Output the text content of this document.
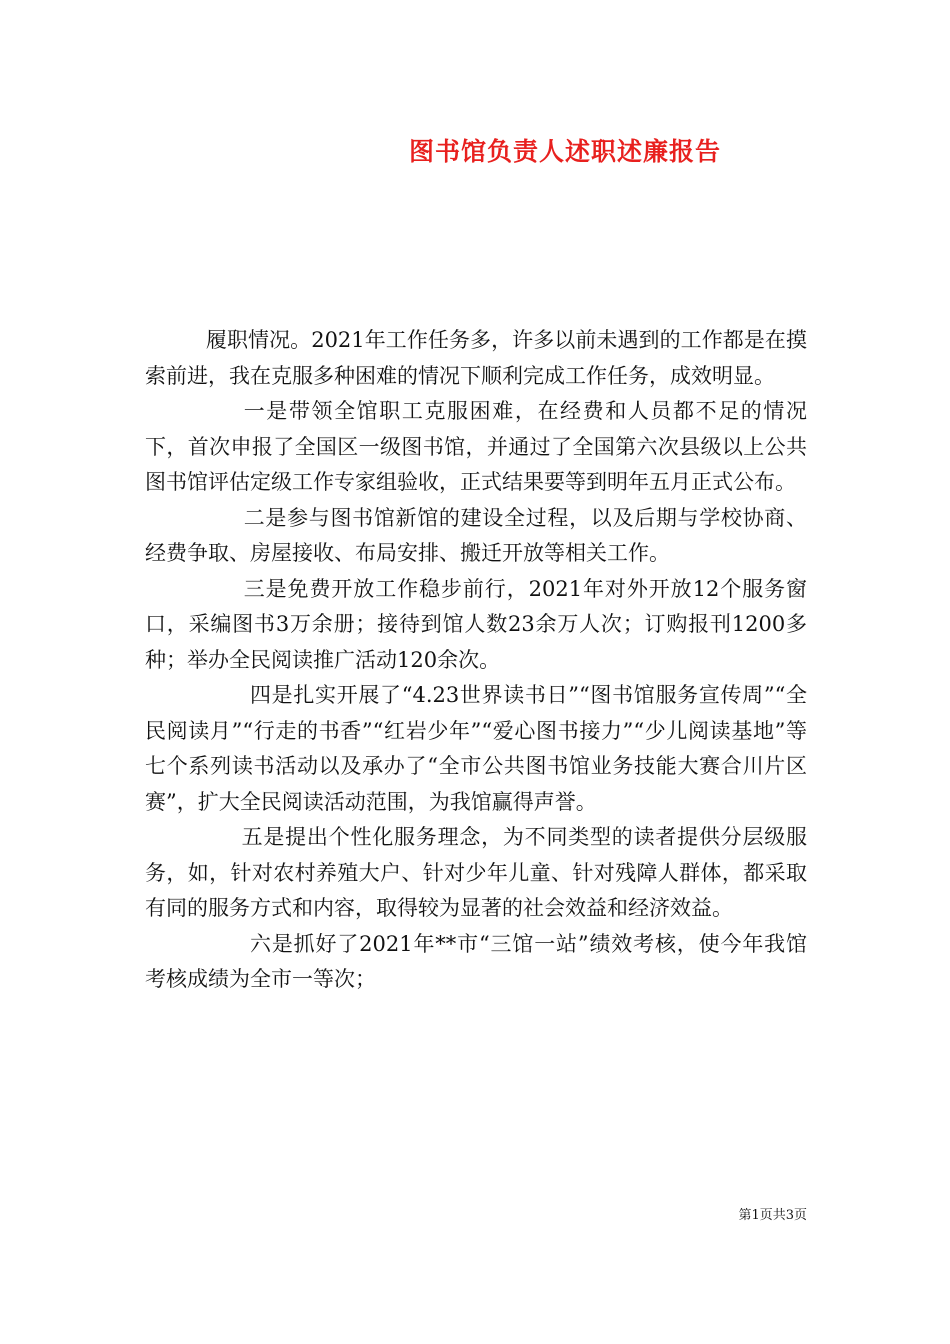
图书馆负责人述职述廉报告

履职情况。2021年工作任务多，许多以前未遇到的工作都是在摸索前进，我在克服多种困难的情况下顺利完成工作任务，成效明显。

一是带领全馆职工克服困难，在经费和人员都不足的情况下，首次申报了全国区一级图书馆，并通过了全国第六次县级以上公共图书馆评估定级工作专家组验收，正式结果要等到明年五月正式公布。

二是参与图书馆新馆的建设全过程，以及后期与学校协商、经费争取、房屋接收、布局安排、搬迁开放等相关工作。

三是免费开放工作稳步前行，2021年对外开放12个服务窗口，采编图书3万余册；接待到馆人数23余万人次；订购报刊1200多种；举办全民阅读推广活动120余次。

四是扎实开展了“4.23世界读书日”“图书馆服务宣传周”“全民阅读月”“行走的书香”“红岩少年”“爱心图书接力”“少儿阅读基地”等七个系列读书活动以及承办了“全市公共图书馆业务技能大赛合川片区赛”，扩大全民阅读活动范围，为我馆赢得声誉。

五是提出个性化服务理念，为不同类型的读者提供分层级服务，如，针对农村养殖大户、针对少年儿童、针对残障人群体，都采取有同的服务方式和内容，取得较为显著的社会效益和经济效益。

六是抓好了2021年**市“三馆一站”绩效考核，使今年我馆考核成绩为全市一等次；

第1页共3页
